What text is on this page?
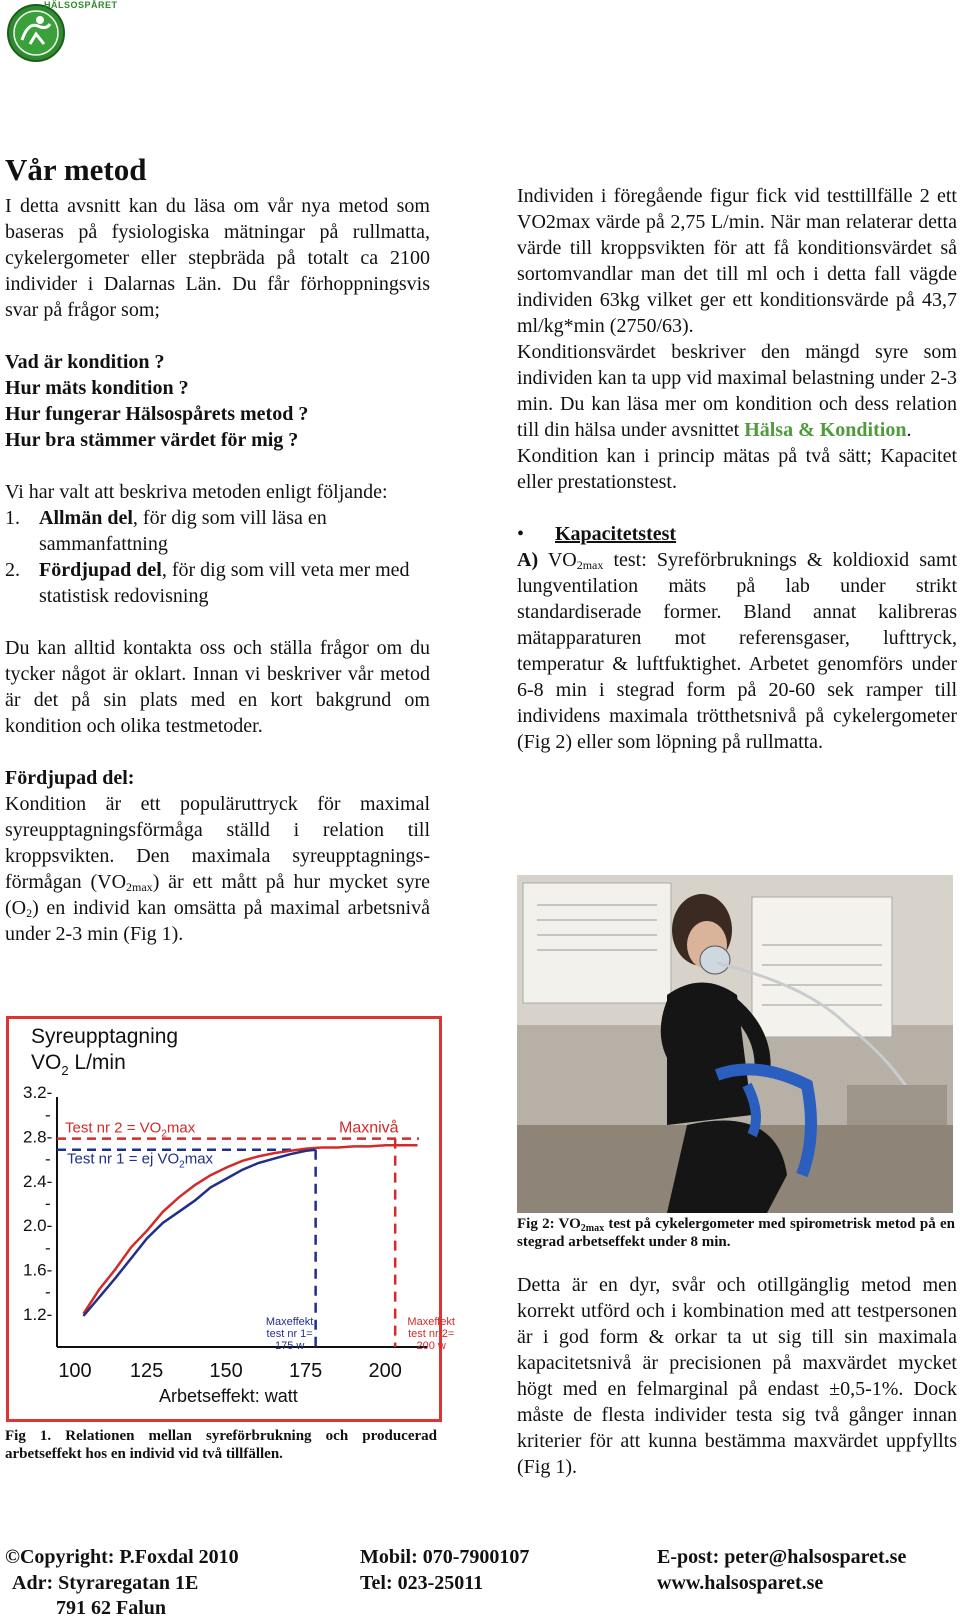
HÄLSOSPÅRET
Vår metod

I detta avsnitt kan du läsa om vår nya metod som baseras på fysiologiska mätningar på rullmatta, cykelergometer eller stepbräda på totalt ca 2100 individer i Dalarnas Län. Du får förhoppningsvis svar på frågor som;

Vad är kondition ?

Hur mäts kondition ?

Hur fungerar Hälsospårets metod ?

Hur bra stämmer värdet för mig ?

Vi har valt att beskriva metoden enligt följande:

1. Allmän del, för dig som vill läsa en sammanfattning
2. Fördjupad del, för dig som vill veta mer med statistisk redovisning

Du kan alltid kontakta oss och ställa frågor om du tycker något är oklart. Innan vi beskriver vår metod är det på sin plats med en kort bakgrund om kondition och olika testmetoder.

Fördjupad del:

Kondition är ett populäruttryck för maximal syreupptagningsförmåga ställd i relation till kroppsvikten. Den maximala syreupptagnings-förmågan $(VO_{2max})$ är ett mått på hur mycket syre $(O_2)$ en individ kan omsätta på maximal arbetsnivå under 2-3 min (Fig 1).

Syreupptagning
$VO_2$ L/min
Arbetseffekt: watt
3.2-
-
2.8-
-
2.4-
-
2.0-
-
1.6-
-
1.2-
100 125 150 175 200
Test nr $2 = VO_2\max$
Test nr 1 = ej $VO_2\max$
Maxnivå
Maxeffekt
test nr 1=
175 w
Maxeffekt
test nr 2=
200 w
Fig 1. Relationen mellan syreförbrukning och producerad arbetseffekt hos en individ vid två tillfällen.

Individen i föregående figur fick vid testtillfälle 2 ett VO2max värde på 2,75 L/min. När man relaterar detta värde till kroppsvikten för att få konditionsvärdet så sortomvandlar man det till ml och i detta fall vägde individen 63kg vilket ger ett konditionsvärde på 43,7 ml/kg*min (2750/63).

Konditionsvärdet beskriver den mängd syre som individen kan ta upp vid maximal belastning under 2-3 min. Du kan läsa mer om kondition och dess relation till din hälsa under avsnittet Hälsa & Kondition.

Kondition kan i princip mätas på två sätt; Kapacitet eller prestationstest.

• Kapacitetstest

A) $VO_{2max}$ test: Syreförbruknings & koldioxid samt lungventilation mäts på lab under strikt standardiserade former. Bland annat kalibreras mätapparaturen mot referensgaser, lufttryck, temperatur & luftfuktighet. Arbetet genomförs under 6-8 min i stegrad form på 20-60 sek ramper till individens maximala trötthetsnivå på cykelergometer (Fig 2) eller som löpning på rullmatta.

Fig 2: $VO_{2max}$ test på cykelergometer med spirometrisk metod på en stegrad arbetseffekt under 8 min.

Detta är en dyr, svår och otillgänglig metod men korrekt utförd och i kombination med att testpersonen är i god form & orkar ta ut sig till sin maximala kapacitetsnivå är precisionen på maxvärdet mycket högt med en felmarginal på endast ±0,5-1%. Dock måste de flesta individer testa sig två gånger innan kriterier för att kunna bestämma maxvärdet uppfyllts (Fig 1).

©Copyright: P.Foxdal 2010
Adr: Styraregatan 1E
791 62 Falun
Mobil: 070-7900107
Tel: 023-25011
E-post: peter@halsosparet.se
www.halsosparet.se
